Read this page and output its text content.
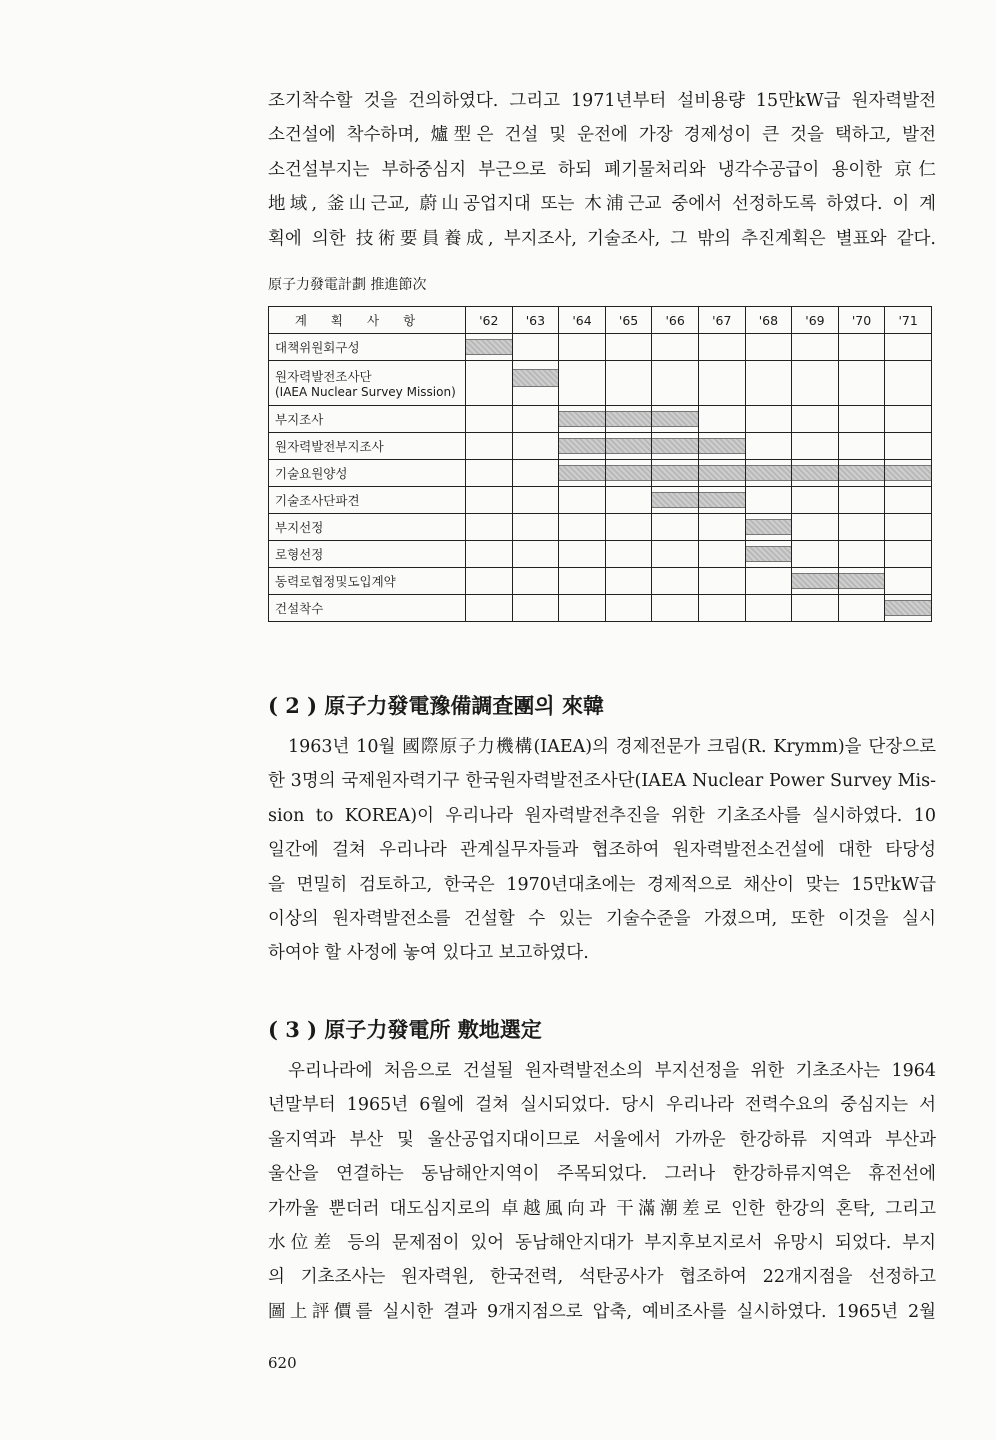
조기착수할 것을 건의하였다. 그리고 1971년부터 설비용량 15만kW급 원자력발전
소건설에 착수하며, 爐型은 건설 및 운전에 가장 경제성이 큰 것을 택하고, 발전
소건설부지는 부하중심지 부근으로 하되 폐기물처리와 냉각수공급이 용이한 京仁
地域, 釜山근교, 蔚山공업지대 또는 木浦근교 중에서 선정하도록 하였다. 이 계
획에 의한 技術要員養成, 부지조사, 기술조사, 그 밖의 추진계획은 별표와 같다.
原子力發電計劃 推進節次
계획사항	'62	'63	'64	'65	'66	'67	'68	'69	'70	'71

대책위원회구성										

원자력발전조사단
(IAEA Nuclear Survey Mission)										

부지조사										

원자력발전부지조사										

기술요원양성										

기술조사단파견										

부지선정										

로형선정										

동력로협정및도입계약										

건설착수										

( 2 ) 原子力發電豫備調査團의 來韓
1963년 10월 國際原子力機構(IAEA)의 경제전문가 크림(R. Krymm)을 단장으로
한 3명의 국제원자력기구 한국원자력발전조사단(IAEA Nuclear Power Survey Mis-
sion to KOREA)이 우리나라 원자력발전추진을 위한 기초조사를 실시하였다. 10
일간에 걸쳐 우리나라 관계실무자들과 협조하여 원자력발전소건설에 대한 타당성
을 면밀히 검토하고, 한국은 1970년대초에는 경제적으로 채산이 맞는 15만kW급
이상의 원자력발전소를 건설할 수 있는 기술수준을 가졌으며, 또한 이것을 실시
하여야 할 사정에 놓여 있다고 보고하였다.
( 3 ) 原子力發電所 敷地選定
우리나라에 처음으로 건설될 원자력발전소의 부지선정을 위한 기초조사는 1964
년말부터 1965년 6월에 걸쳐 실시되었다. 당시 우리나라 전력수요의 중심지는 서
울지역과 부산 및 울산공업지대이므로 서울에서 가까운 한강하류 지역과 부산과
울산을 연결하는 동남해안지역이 주목되었다. 그러나 한강하류지역은 휴전선에
가까울 뿐더러 대도심지로의 卓越風向과 干滿潮差로 인한 한강의 혼탁, 그리고
水位差 등의 문제점이 있어 동남해안지대가 부지후보지로서 유망시 되었다. 부지
의 기초조사는 원자력원, 한국전력, 석탄공사가 협조하여 22개지점을 선정하고
圖上評價를 실시한 결과 9개지점으로 압축, 예비조사를 실시하였다. 1965년 2월
620
